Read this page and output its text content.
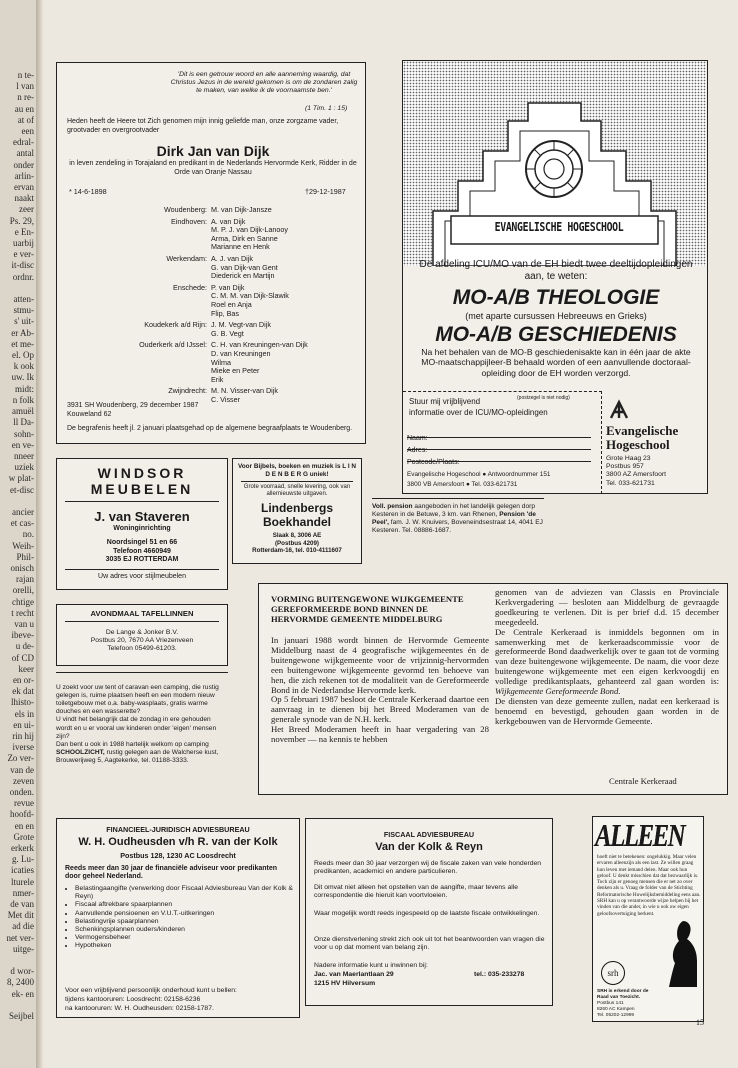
n te-
l van
n re-
au en
at of
een
edral-
antal
onder
arlin-
ervan
naakt
zeer
Ps. 29,
e En-
uarbij
e ver-
it-disc
ordnr.

atten-
stmu-
s' uit-
er Ab-
et me-
el. Op
k ook
uw. Ik
midt:
n folk
amuël
ll Da-
sohn-
en ve-
nneer
uziek
w plat-
et-disc

ancier
et cas-
no.
Weih-
Phil-
onisch
rajan
orelli,
chtige
t recht
van u
ibeve-
u de-
of CD
keer
en or-
ek dat
lhisto-
els in
en ui-
rin hij
iverse
Zo ver-
van de
zeven
onden.
revue
hoofd-
en en
Grote
erkerk
g. Lu-
icaties
lturele
nmer-
de van
Met dit
ad die
net ver-
uitge-

d wor-
8, 2400
ek- en

Seijbel
'Dit is een getrouw woord en alle aanneming waardig, dat Christus Jezus in de wereld gekomen is om de zondaren zalig te maken, van welke ik de voornaamste ben.'
(1 Tim. 1 : 15)
Heden heeft de Heere tot Zich genomen mijn innig geliefde man, onze zorgzame vader, grootvader en overgrootvader
Dirk Jan van Dijk
in leven zendeling in Torajaland en predikant in de Nederlands Hervormde Kerk, Ridder in de Orde van Oranje Nassau
* 14-6-1898	†29-12-1987
Woudenberg:	M. van Dijk-Jansze

Eindhoven:	A. van Dijk
	M. P. J. van Dijk-Lanooy
	Arma, Dirk en Sanne
	Marianne en Henk

Werkendam:	A. J. van Dijk
	G. van Dijk-van Gent
	Diederick en Martijn

Enschede:	P. van Dijk
	C. M. M. van Dijk-Slawik
	Roel en Anja
	Flip, Bas

Koudekerk a/d Rijn:	J. M. Vegt-van Dijk
	G. B. Vegt

Ouderkerk a/d IJssel:	C. H. van Kreuningen-van Dijk
	D. van Kreuningen
	Wilma
	Mieke en Peter
	Erik

Zwijndrecht:	M. N. Visser-van Dijk
	C. Visser

3931 SH Woudenberg, 29 december 1987
Kouweland 62
De begrafenis heeft jl. 2 januari plaatsgehad op de algemene begraafplaats te Woudenberg.
EVANGELISCHE HOGESCHOOL
De afdeling ICU/MO van de EH biedt twee deeltijdopleidingen aan, te weten:
MO-A/B THEOLOGIE
(met aparte cursussen Hebreeuws en Grieks)
MO-A/B GESCHIEDENIS
Na het behalen van de MO-B geschiedenisakte kan in één jaar de akte MO-maatschappijleer-B behaald worden of een aanvullende doctoraal-opleiding door de EH worden verzorgd.
Stuur mij vrijblijvend	(postzegel is niet nodig)
informatie over de ICU/MO-opleidingen
Naam:
Adres:
Postcode/Plaats:
Evangelische Hogeschool ● Antwoordnummer 151
3800 VB Amersfoort ● Tel. 033-621731
Evangelische
Hogeschool
Grote Haag 23
Postbus 957
3800 AZ Amersfoort
Tel. 033-621731
WINDSOR
MEUBELEN
J. van Staveren
Woninginrichting
Noordsingel 51 en 66
Telefoon 4660949
3035 EJ ROTTERDAM
Uw adres voor stijlmeubelen
Voor Bijbels, boeken en muziek is L I N D E N B E R G uniek!
Grote voorraad, snelle levering, ook van allernieuwste uitgaven.
Lindenbergs
Boekhandel
Slaak 8, 3006 AE
(Postbus 4209)
Rotterdam-16, tel. 010-4111607
Voll. pension aangeboden in het landelijk gelegen dorp Kesteren in de Betuwe, 3 km. van Rhenen, Pension 'de Peel', fam. J. W. Knuivers, Boveneindsestraat 14, 4041 EJ Kesteren. Tel. 08886-1687.
AVONDMAAL TAFELLINNEN
De Lange & Jonker B.V.
Postbus 20, 7670 AA Vriezenveen
Telefoon 05499-61203.

U zoekt voor uw tent of caravan een camping, die rustig gelegen is, ruime plaatsen heeft en een modern nieuw toiletgebouw met o.a. baby-wasplaats, gratis warme douches en een wasserette?
U vindt het belangrijk dat de zondag in ere gehouden wordt en u er vooral uw kinderen onder 'eigen' mensen zijn?
Dan bent u ook in 1988 hartelijk welkom op camping SCHOOLZICHT, rustig gelegen aan de Walcherse kust, Brouwerijweg 5, Aagtekerke, tel. 01188-3333.

VORMING BUITENGEWONE WIJKGEMEENTE GEREFORMEERDE BOND BINNEN DE HERVORMDE GEMEENTE MIDDELBURG

In januari 1988 wordt binnen de Hervormde Gemeente Middelburg naast de 4 geografische wijkgemeentes én de buitengewone wijkgemeente voor de vrijzinnig-hervormden een buitengewone wijkgemeente gevormd ten behoeve van hen, die zich rekenen tot de modaliteit van de Gereformeerde Bond in de Nederlandse Hervormde kerk.

Op 5 februari 1987 besloot de Centrale Kerkeraad daartoe een aanvraag in te dienen bij het Breed Moderamen van de generale synode van de N.H. kerk.

Het Breed Moderamen heeft in haar vergadering van 28 november — na kennis te hebben

genomen van de adviezen van Classis en Provinciale Kerkvergadering — besloten aan Middelburg de gevraagde goedkeuring te verlenen. Dit is per brief d.d. 15 december meegedeeld.

De Centrale Kerkeraad is inmiddels begonnen om in samenwerking met de kerkeraadscommissie voor de gereformeerde Bond daadwerkelijk over te gaan tot de vorming van deze buitengewone wijkgemeente. De naam, die voor deze buitengewone wijkgemeente met een eigen kerkvoogdij en volledige predikantsplaats, gehanteerd zal gaan worden is: Wijkgemeente Gereformeerde Bond.

De diensten van deze gemeente zullen, nadat een kerkeraad is benoemd en bevestigd, gehouden gaan worden in de kerkgebouwen van de Hervormde Gemeente.

Centrale Kerkeraad
FINANCIEEL-JURIDISCH ADVIESBUREAU
W. H. Oudheusden v/h R. van der Kolk
Postbus 128, 1230 AC Loosdrecht
Reeds meer dan 30 jaar de financiële adviseur voor predikanten door geheel Nederland.
• Belastingaangifte (verwerking door Fiscaal Adviesbureau Van der Kolk & Reyn)
• Fiscaal aftrekbare spaarplannen
• Aanvullende pensioenen en V.U.T.-uitkeringen
• Belastingvrije spaarplannen
• Schenkingsplannen ouders/kinderen
• Vermogensbeheer
• Hypotheken
Voor een vrijblijvend persoonlijk onderhoud kunt u bellen:
tijdens kantooruren: Loosdrecht: 02158-6236
na kantooruren: W. H. Oudheusden: 02158-1787.
FISCAAL ADVIESBUREAU
Van der Kolk & Reyn
Reeds meer dan 30 jaar verzorgen wij de fiscale zaken van vele honderden predikanten, academici en andere particulieren.
Dit omvat niet alleen het opstellen van de aangifte, maar tevens alle correspondentie die hieruit kan voortvloeien.
Waar mogelijk wordt reeds ingespeeld op de laatste fiscale ontwikkelingen.
Onze dienstverlening strekt zich ook uit tot het beantwoorden van vragen die voor u op dat moment van belang zijn.
Nadere informatie kunt u inwinnen bij:
Jac. van Maerlantlaan 29
1215 HV Hilversum
tel.: 035-233278
ALLEEN
hoeft niet te betekenen: ongelukkig. Maar velen ervaren alleenzijn als een last. Ze willen graag hun leven met iemand delen. Maar ook hun geloof. U denkt misschien dat dat bezwaarlijk is. Toch zijn er genoeg mensen die er net zo over denken als u. Vraag de folder van de Stichting Reformatorische Huwelijksbemiddeling eens aan. SRH kan u op verantwoorde wijze helpen bij het vinden van die ander, in wie u ook uw eigen geloofsovertuiging herkent.
srh
SRH is erkend door de Raad van Toezicht.
Postbus 141
8260 AC Kampen
Tel. 05202-12999
15
